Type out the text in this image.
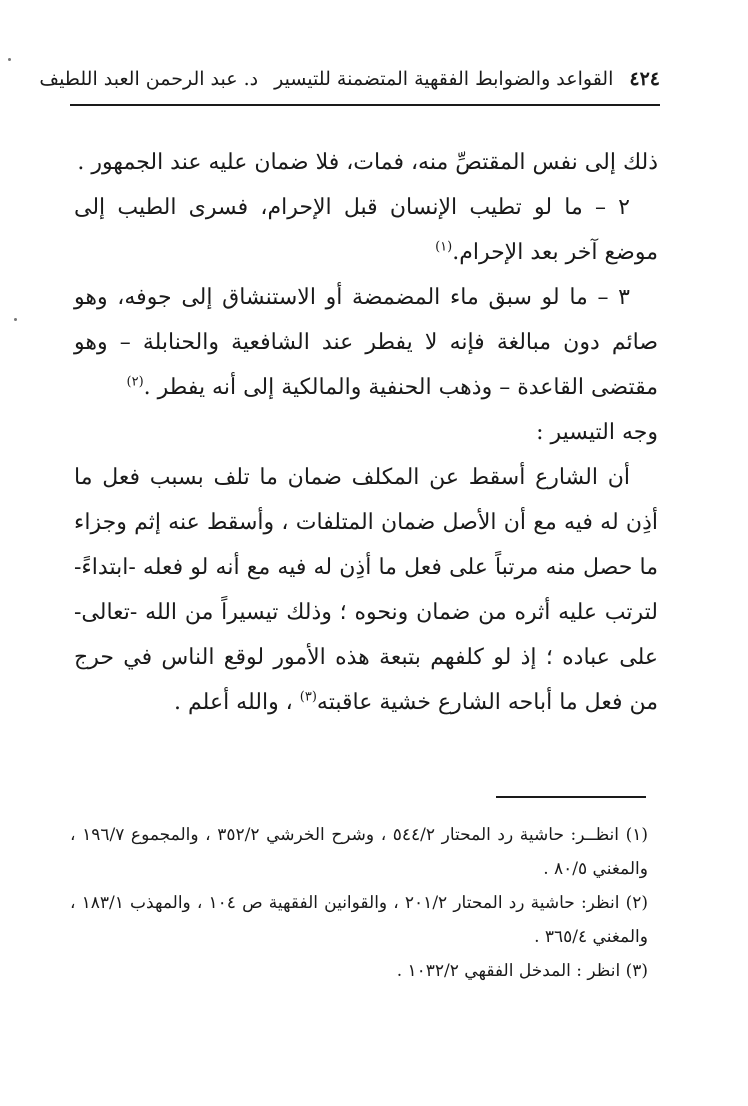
٤٢٤
القواعد والضوابط الفقهية المتضمنة للتيسير
د. عبد الرحمن العبد اللطيف

ذلك إلى نفس المقتصِّ منه، فمات، فلا ضمان عليه عند الجمهور .

٢ – ما لو تطيب الإنسان قبل الإحرام، فسرى الطيب إلى موضع آخر بعد الإحرام.$^{(١)}$

٣ – ما لو سبق ماء المضمضة أو الاستنشاق إلى جوفه، وهو صائم دون مبالغة فإنه لا يفطر عند الشافعية والحنابلة – وهو مقتضى القاعدة – وذهب الحنفية والمالكية إلى أنه يفطر .$^{(٢)}$

وجه التيسير :

أن الشارع أسقط عن المكلف ضمان ما تلف بسبب فعل ما أذِن له فيه مع أن الأصل ضمان المتلفات ، وأسقط عنه إثم وجزاء ما حصل منه مرتباً على فعل ما أذِن له فيه مع أنه لو فعله -ابتداءً- لترتب عليه أثره من ضمان ونحوه ؛ وذلك تيسيراً من الله -تعالى- على عباده ؛ إذ لو كلفهم بتبعة هذه الأمور لوقع الناس في حرج من فعل ما أباحه الشارع خشية عاقبته$^{(٣)}$ ، والله أعلم .

(١) انظــر: حاشية رد المحتار ٥٤٤/٢ ، وشرح الخرشي ٣٥٢/٢ ، والمجموع ١٩٦/٧ ، والمغني ٨٠/٥ .

(٢) انظر: حاشية رد المحتار ٢٠١/٢ ، والقوانين الفقهية ص ١٠٤ ، والمهذب ١٨٣/١ ، والمغني ٣٦٥/٤ .

(٣) انظر : المدخل الفقهي ١٠٣٢/٢ .
